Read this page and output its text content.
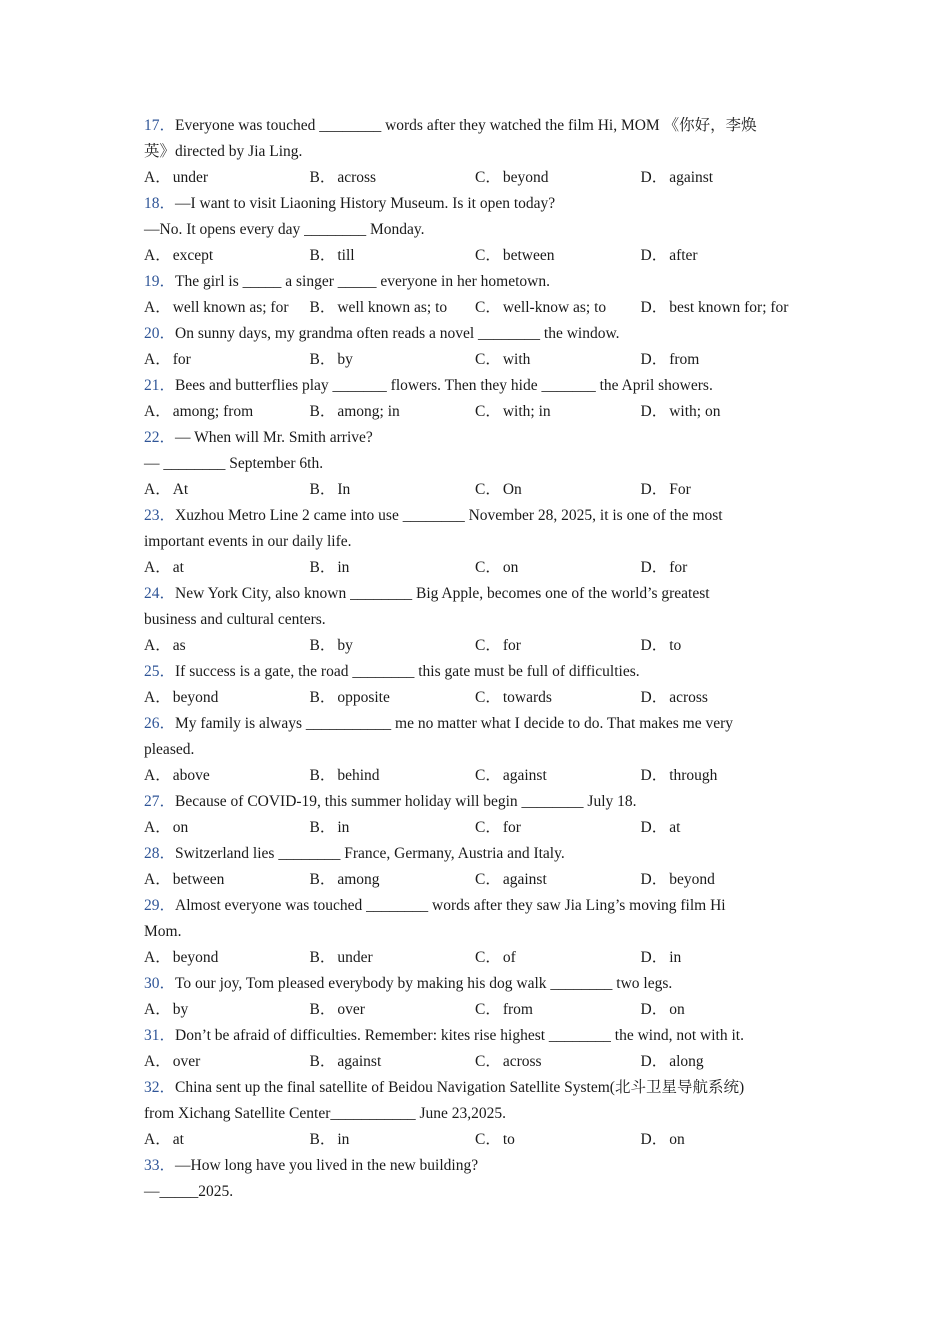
17．Everyone was touched ________ words after they watched the film Hi, MOM 《你好，李焕
英》directed by Jia Ling.
A． under	B． across	C． beyond	D． against
18．—I want to visit Liaoning History Museum. Is it open today?
—No. It opens every day ________ Monday.
A． except	B． till	C． between	D． after
19．The girl is _____ a singer _____ everyone in her hometown.
A． well known as; for	B． well known as; to	C． well-know as; to	D． best known for; for
20．On sunny days, my grandma often reads a novel ________ the window.
A． for	B． by	C． with	D． from
21．Bees and butterflies play _______ flowers. Then they hide _______ the April showers.
A． among; from	B． among; in	C． with; in	D． with; on
22．— When will Mr. Smith arrive?
— ________ September 6th.
A． At	B． In	C． On	D． For
23．Xuzhou Metro Line 2 came into use ________ November 28, 2025, it is one of the most
important events in our daily life.
A． at	B． in	C． on	D． for
24．New York City, also known ________ Big Apple, becomes one of the world’s greatest
business and cultural centers.
A． as	B． by	C． for	D． to
25．If success is a gate, the road ________ this gate must be full of difficulties.
A． beyond	B． opposite	C． towards	D． across
26．My family is always ___________ me no matter what I decide to do. That makes me very
pleased.
A． above	B． behind	C． against	D． through
27．Because of COVID-19, this summer holiday will begin ________ July 18.
A． on	B． in	C． for	D． at
28．Switzerland lies ________ France, Germany, Austria and Italy.
A． between	B． among	C． against	D． beyond
29．Almost everyone was touched ________ words after they saw Jia Ling’s moving film Hi
Mom.
A． beyond	B． under	C． of	D． in
30．To our joy, Tom pleased everybody by making his dog walk ________ two legs.
A． by	B． over	C． from	D． on
31．Don’t be afraid of difficulties. Remember: kites rise highest ________ the wind, not with it.
A． over	B． against	C． across	D． along
32．China sent up the final satellite of Beidou Navigation Satellite System(北斗卫星导航系统)
from Xichang Satellite Center___________ June 23,2025.
A． at	B． in	C． to	D． on
33．—How long have you lived in the new building?
—_____2025.
